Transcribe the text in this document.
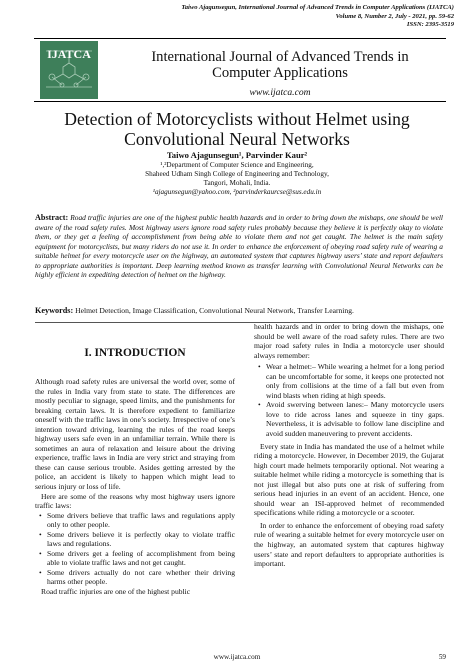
Taiwo Ajagunsegun, International Journal of Advanced Trends in Computer Applications (IJATCA)
Volume 8, Number 2, July - 2021, pp. 59-62
ISSN: 2395-3519
IJATCA	International Journal of Advanced Trends in
Computer Applications
www.ijatca.com
Detection of Motorcyclists without Helmet using
Convolutional Neural Networks
Taiwo Ajagunsegun¹, Parvinder Kaur²
¹,²Department of Computer Science and Engineering,
Shaheed Udham Singh College of Engineering and Technology,
Tangori, Mohali, India.
¹ajagunsegun@yahoo.com, ²parvinderkaurcse@sus.edu.in
Abstract: Road traffic injuries are one of the highest public health hazards and in order to bring down the mishaps, one should be well aware of the road safety rules. Most highway users ignore road safety rules probably because they believe it is perfectly okay to violate them, or they get a feeling of accomplishment from being able to violate them and not get caught. The helmet is the main safety equipment for motorcyclists, but many riders do not use it. In order to enhance the enforcement of obeying road safety rule of wearing a suitable helmet for every motorcycle user on the highway, an automated system that captures highway users’ state and report defaulters to appropriate authorities is important. Deep learning method known as transfer learning with Convolutional Neural Networks can be highly efficient in expediting detection of helmet on the highway.
Keywords: Helmet Detection, Image Classification, Convolutional Neural Network, Transfer Learning.
I. INTRODUCTION

Although road safety rules are universal the world over, some of the rules in India vary from state to state. The differences are mostly peculiar to signage, speed limits, and the punishments for breaking certain laws. It is therefore expedient to familiarize oneself with the traffic laws in one’s society. Irrespective of one’s intention toward driving, learning the rules of the road keeps highway users safe even in an unfamiliar terrain. While there is sometimes an aura of relaxation and leisure about the driving experience, traffic laws in India are very strict and straying from these can cause serious trouble. Asides getting arrested by the police, an accident is likely to happen which might lead to serious injury or loss of life.

Here are some of the reasons why most highway users ignore traffic laws:

• Some drivers believe that traffic laws and regulations apply only to other people.
• Some drivers believe it is perfectly okay to violate traffic laws and regulations.
• Some drivers get a feeling of accomplishment from being able to violate traffic laws and not get caught.
• Some drivers actually do not care whether their driving harms other people.

Road traffic injuries are one of the highest public

health hazards and in order to bring down the mishaps, one should be well aware of the road safety rules. There are two major road safety rules in India a motorcycle user should always remember:

• Wear a helmet:– While wearing a helmet for a long period can be uncomfortable for some, it keeps one protected not only from collisions at the time of a fall but even from wind blasts when riding at high speeds.
• Avoid swerving between lanes:– Many motorcycle users love to ride across lanes and squeeze in tiny gaps. Nevertheless, it is advisable to follow lane discipline and avoid sudden maneuvering to prevent accidents.

Every state in India has mandated the use of a helmet while riding a motorcycle. However, in December 2019, the Gujarat high court made helmets temporarily optional. Not wearing a suitable helmet while riding a motorcycle is something that is not just illegal but also puts one at risk of suffering from serious head injuries in an event of an accident. Hence, one should wear an ISI-approved helmet of recommended specifications while riding a motorcycle or a scooter.

In order to enhance the enforcement of obeying road safety rule of wearing a suitable helmet for every motorcycle user on the highway, an automated system that captures highway users’ state and report defaulters to appropriate authorities is important.

www.ijatca.com	59
